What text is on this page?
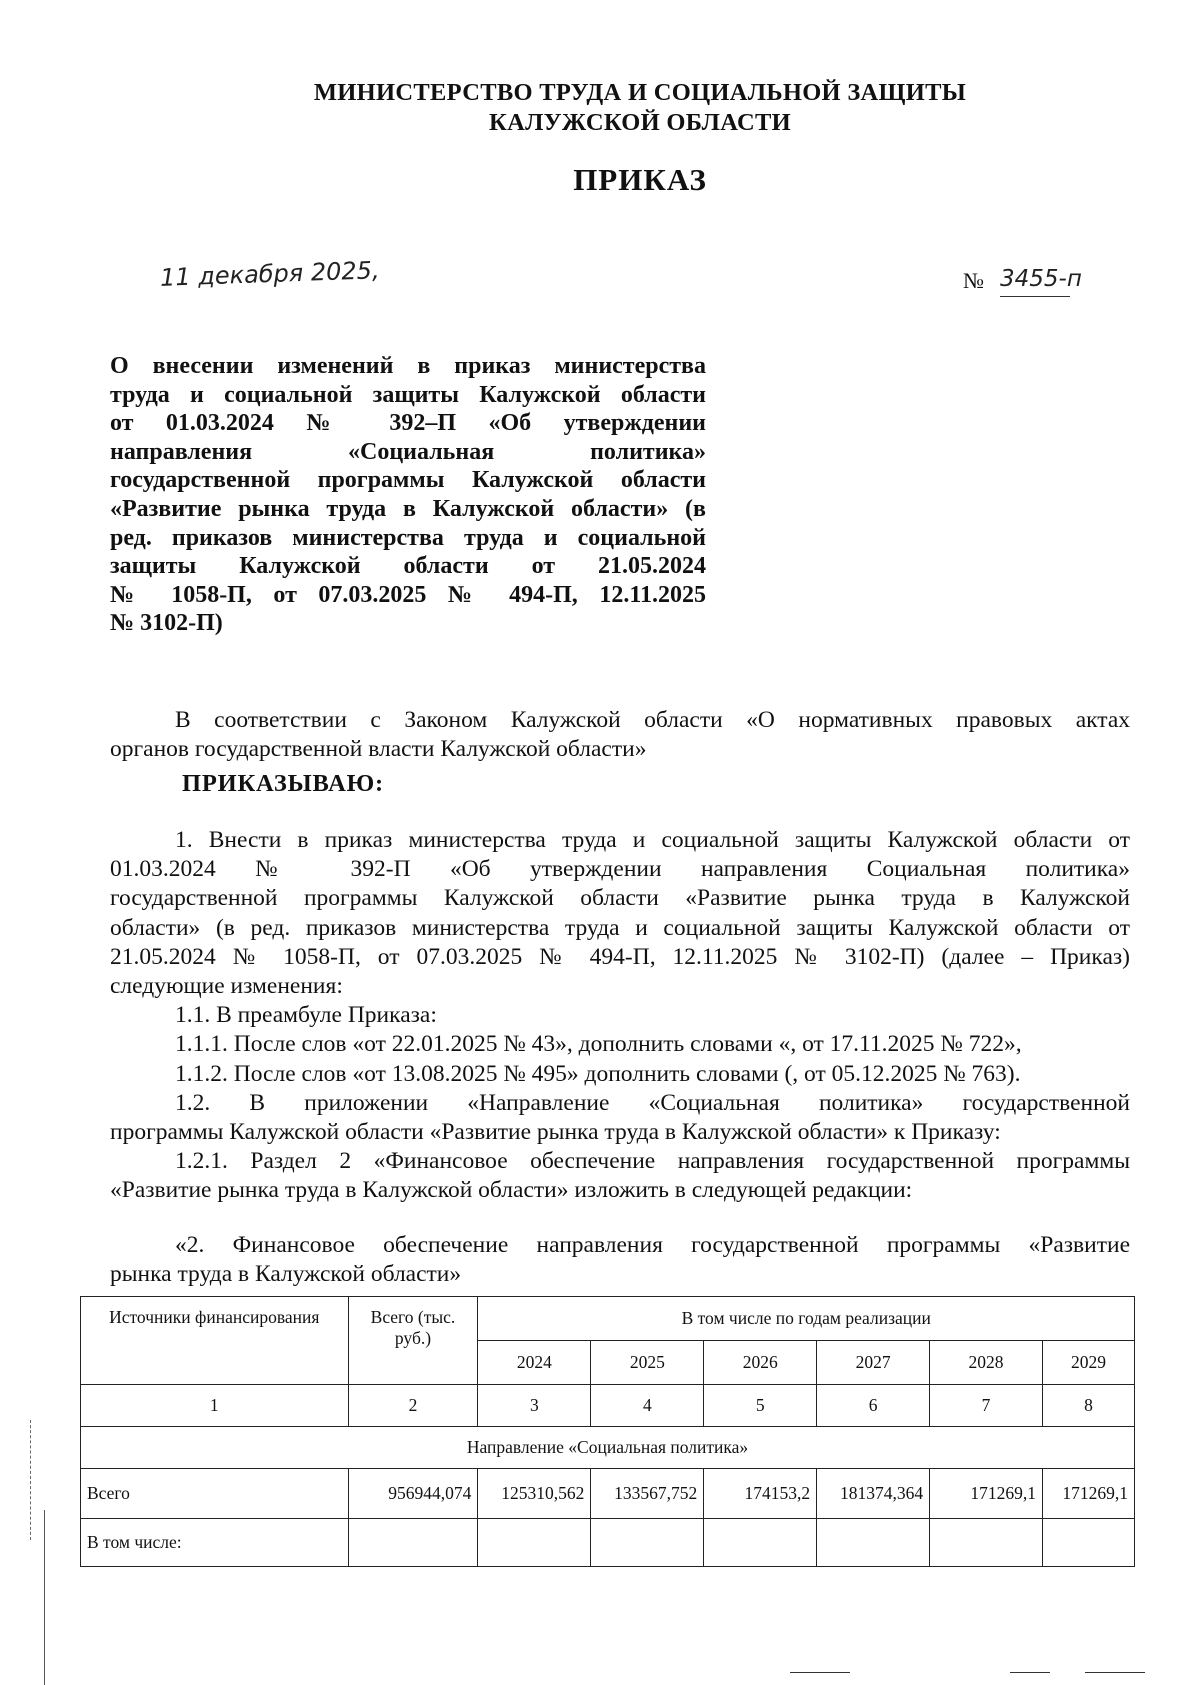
МИНИСТЕРСТВО ТРУДА И СОЦИАЛЬНОЙ ЗАЩИТЫ
КАЛУЖСКОЙ ОБЛАСТИ
ПРИКАЗ
11 декабря 2025,	№ 3455-п
О внесении изменений в приказ министерства
труда и социальной защиты Калужской области
от 01.03.2024 № 392–П «Об утверждении
направления «Социальная политика»
государственной программы Калужской области
«Развитие рынка труда в Калужской области» (в
ред. приказов министерства труда и социальной
защиты Калужской области от 21.05.2024
№ 1058-П, от 07.03.2025 № 494-П, 12.11.2025
№ 3102-П)
В соответствии с Законом Калужской области «О нормативных правовых актах
органов государственной власти Калужской области»
ПРИКАЗЫВАЮ:
1. Внести в приказ министерства труда и социальной защиты Калужской области от
01.03.2024 № 392-П «Об утверждении направления Социальная политика»
государственной программы Калужской области «Развитие рынка труда в Калужской
области» (в ред. приказов министерства труда и социальной защиты Калужской области от
21.05.2024 № 1058-П, от 07.03.2025 № 494-П, 12.11.2025 № 3102-П) (далее – Приказ)
следующие изменения:
1.1. В преамбуле Приказа:
1.1.1. После слов «от 22.01.2025 № 43», дополнить словами «, от 17.11.2025 № 722»,
1.1.2. После слов «от 13.08.2025 № 495» дополнить словами (, от 05.12.2025 № 763).
1.2. В приложении «Направление «Социальная политика» государственной
программы Калужской области «Развитие рынка труда в Калужской области» к Приказу:
1.2.1. Раздел 2 «Финансовое обеспечение направления государственной программы
«Развитие рынка труда в Калужской области» изложить в следующей редакции:
«2. Финансовое обеспечение направления государственной программы «Развитие
рынка труда в Калужской области»
Источники финансирования	Всего (тыс. руб.)	В том числе по годам реализации					
		2024	2025	2026	2027	2028	2029
1	2	3	4	5	6	7	8
Направление «Социальная политика»							
Всего	956944,074	125310,562	133567,752	174153,2	181374,364	171269,1	171269,1
В том числе:							
